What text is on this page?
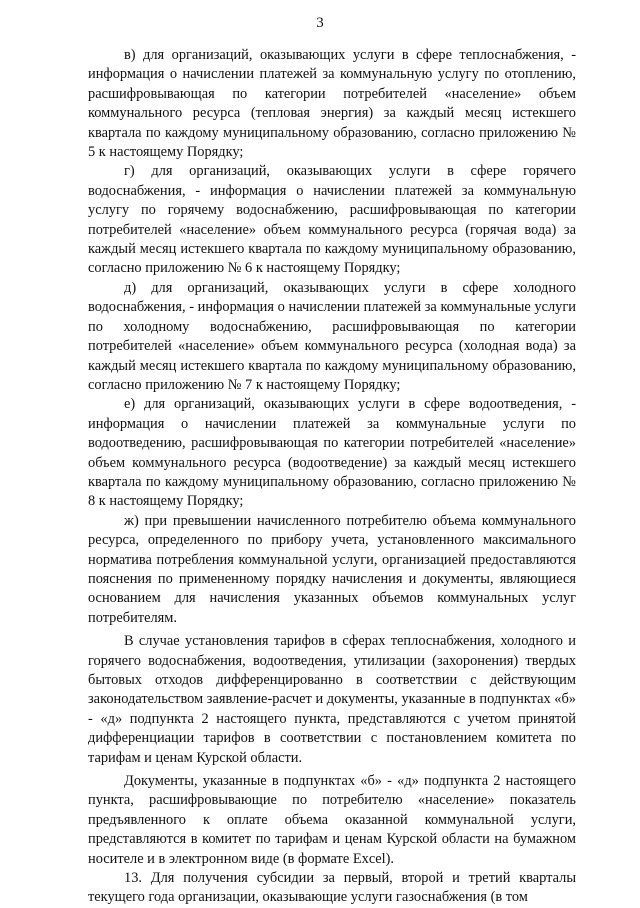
3

в) для организаций, оказывающих услуги в сфере теплоснабжения, - информация о начислении платежей за коммунальную услугу по отоплению, расшифровывающая по категории потребителей «население» объем коммунального ресурса (тепловая энергия) за каждый месяц истекшего квартала по каждому муниципальному образованию, согласно приложению № 5 к настоящему Порядку;

г) для организаций, оказывающих услуги в сфере горячего водоснабжения, - информация о начислении платежей за коммунальную услугу по горячему водоснабжению, расшифровывающая по категории потребителей «население» объем коммунального ресурса (горячая вода) за каждый месяц истекшего квартала по каждому муниципальному образованию, согласно приложению № 6 к настоящему Порядку;

д) для организаций, оказывающих услуги в сфере холодного водоснабжения, - информация о начислении платежей за коммунальные услуги по холодному водоснабжению, расшифровывающая по категории потребителей «население» объем коммунального ресурса (холодная вода) за каждый месяц истекшего квартала по каждому муниципальному образованию, согласно приложению № 7 к настоящему Порядку;

е) для организаций, оказывающих услуги в сфере водоотведения, - информация о начислении платежей за коммунальные услуги по водоотведению, расшифровывающая по категории потребителей «население» объем коммунального ресурса (водоотведение) за каждый месяц истекшего квартала по каждому муниципальному образованию, согласно приложению № 8 к настоящему Порядку;

ж) при превышении начисленного потребителю объема коммунального ресурса, определенного по прибору учета, установленного максимального норматива потребления коммунальной услуги, организацией предоставляются пояснения по примененному порядку начисления и документы, являющиеся основанием для начисления указанных объемов коммунальных услуг потребителям.

В случае установления тарифов в сферах теплоснабжения, холодного и горячего водоснабжения, водоотведения, утилизации (захоронения) твердых бытовых отходов дифференцированно в соответствии с действующим законодательством заявление-расчет и документы, указанные в подпунктах «б» - «д» подпункта 2 настоящего пункта, представляются с учетом принятой дифференциации тарифов в соответствии с постановлением комитета по тарифам и ценам Курской области.

Документы, указанные в подпунктах «б» - «д» подпункта 2 настоящего пункта, расшифровывающие по потребителю «население» показатель предъявленного к оплате объема оказанной коммунальной услуги, представляются в комитет по тарифам и ценам Курской области на бумажном носителе и в электронном виде (в формате Excel).

13. Для получения субсидии за первый, второй и третий кварталы текущего года организации, оказывающие услуги газоснабжения (в том
